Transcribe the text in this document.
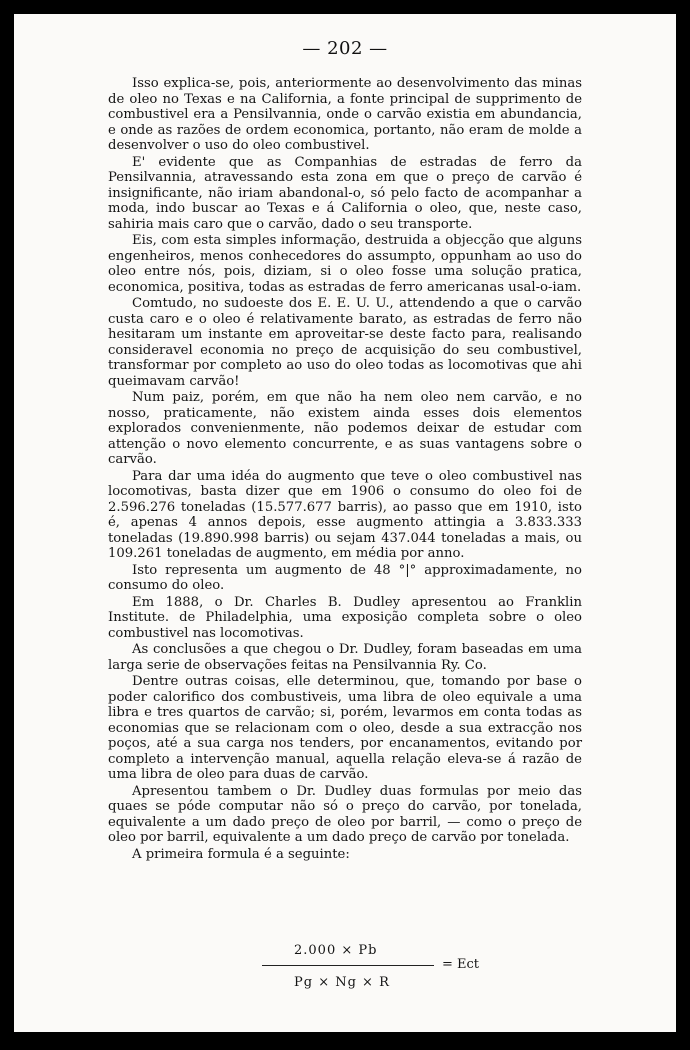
— 202 —

Isso explica-se, pois, anteriormente ao desenvolvimento das minas de oleo no Texas e na California, a fonte principal de supprimento de combustivel era a Pensilvannia, onde o carvão existia em abundancia, e onde as razões de ordem economica, portanto, não eram de molde a desenvolver o uso do oleo combustivel.

E' evidente que as Companhias de estradas de ferro da Pensilvannia, atravessando esta zona em que o preço de carvão é insignificante, não iriam abandonal-o, só pelo facto de acompanhar a moda, indo buscar ao Texas e á California o oleo, que, neste caso, sahiria mais caro que o carvão, dado o seu transporte.

Eis, com esta simples informação, destruida a objecção que alguns engenheiros, menos conhecedores do assumpto, oppunham ao uso do oleo entre nós, pois, diziam, si o oleo fosse uma solução pratica, economica, positiva, todas as estradas de ferro americanas usal-o-iam.

Comtudo, no sudoeste dos E. E. U. U., attendendo a que o carvão custa caro e o oleo é relativamente barato, as estradas de ferro não hesitaram um instante em aproveitar-se deste facto para, realisando consideravel economia no preço de acquisição do seu combustivel, transformar por completo ao uso do oleo todas as locomotivas que ahi queimavam carvão!

Num paiz, porém, em que não ha nem oleo nem carvão, e no nosso, praticamente, não existem ainda esses dois elementos explorados convenienmente, não podemos deixar de estudar com attenção o novo elemento concurrente, e as suas vantagens sobre o carvão.

Para dar uma idéa do augmento que teve o oleo combustivel nas locomotivas, basta dizer que em 1906 o consumo do oleo foi de 2.596.276 toneladas (15.577.677 barris), ao passo que em 1910, isto é, apenas 4 annos depois, esse augmento attingia a 3.833.333 toneladas (19.890.998 barris) ou sejam 437.044 toneladas a mais, ou 109.261 toneladas de augmento, em média por anno.

Isto representa um augmento de 48 °|° approximadamente, no consumo do oleo.

Em 1888, o Dr. Charles B. Dudley apresentou ao Franklin Institute. de Philadelphia, uma exposição completa sobre o oleo combustivel nas locomotivas.

As conclusões a que chegou o Dr. Dudley, foram baseadas em uma larga serie de observações feitas na Pensilvannia Ry. Co.

Dentre outras coisas, elle determinou, que, tomando por base o poder calorifico dos combustiveis, uma libra de oleo equivale a uma libra e tres quartos de carvão; si, porém, levarmos em conta todas as economias que se relacionam com o oleo, desde a sua extracção nos poços, até a sua carga nos tenders, por encanamentos, evitando por completo a intervenção manual, aquella relação eleva-se á razão de uma libra de oleo para duas de carvão.

Apresentou tambem o Dr. Dudley duas formulas por meio das quaes se póde computar não só o preço do carvão, por tonelada, equivalente a um dado preço de oleo por barril, — como o preço de oleo por barril, equivalente a um dado preço de carvão por tonelada.

A primeira formula é a seguinte:

2.000 × Pb
Pg × Ng × R
= Ect
